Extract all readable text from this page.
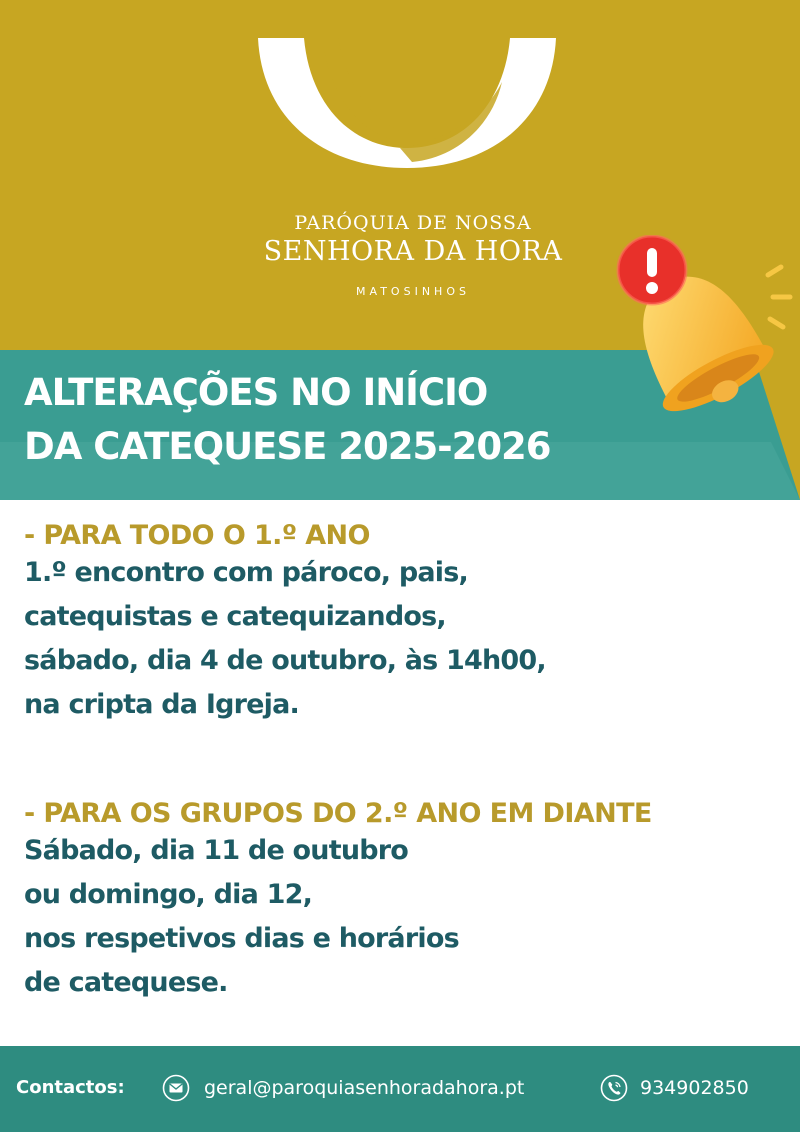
PARÓQUIA DE NOSSA
SENHORA DA HORA
MATOSINHOS
ALTERAÇÕES NO INÍCIO
DA CATEQUESE 2025-2026
- PARA TODO O 1.º ANO
1.º encontro com pároco, pais,
catequistas e catequizandos,
sábado, dia 4 de outubro, às 14h00,
na cripta da Igreja.
- PARA OS GRUPOS DO 2.º ANO EM DIANTE
Sábado, dia 11 de outubro
ou domingo, dia 12,
nos respetivos dias e horários
de catequese.
Contactos:	geral@paroquiasenhoradahora.pt	934902850
